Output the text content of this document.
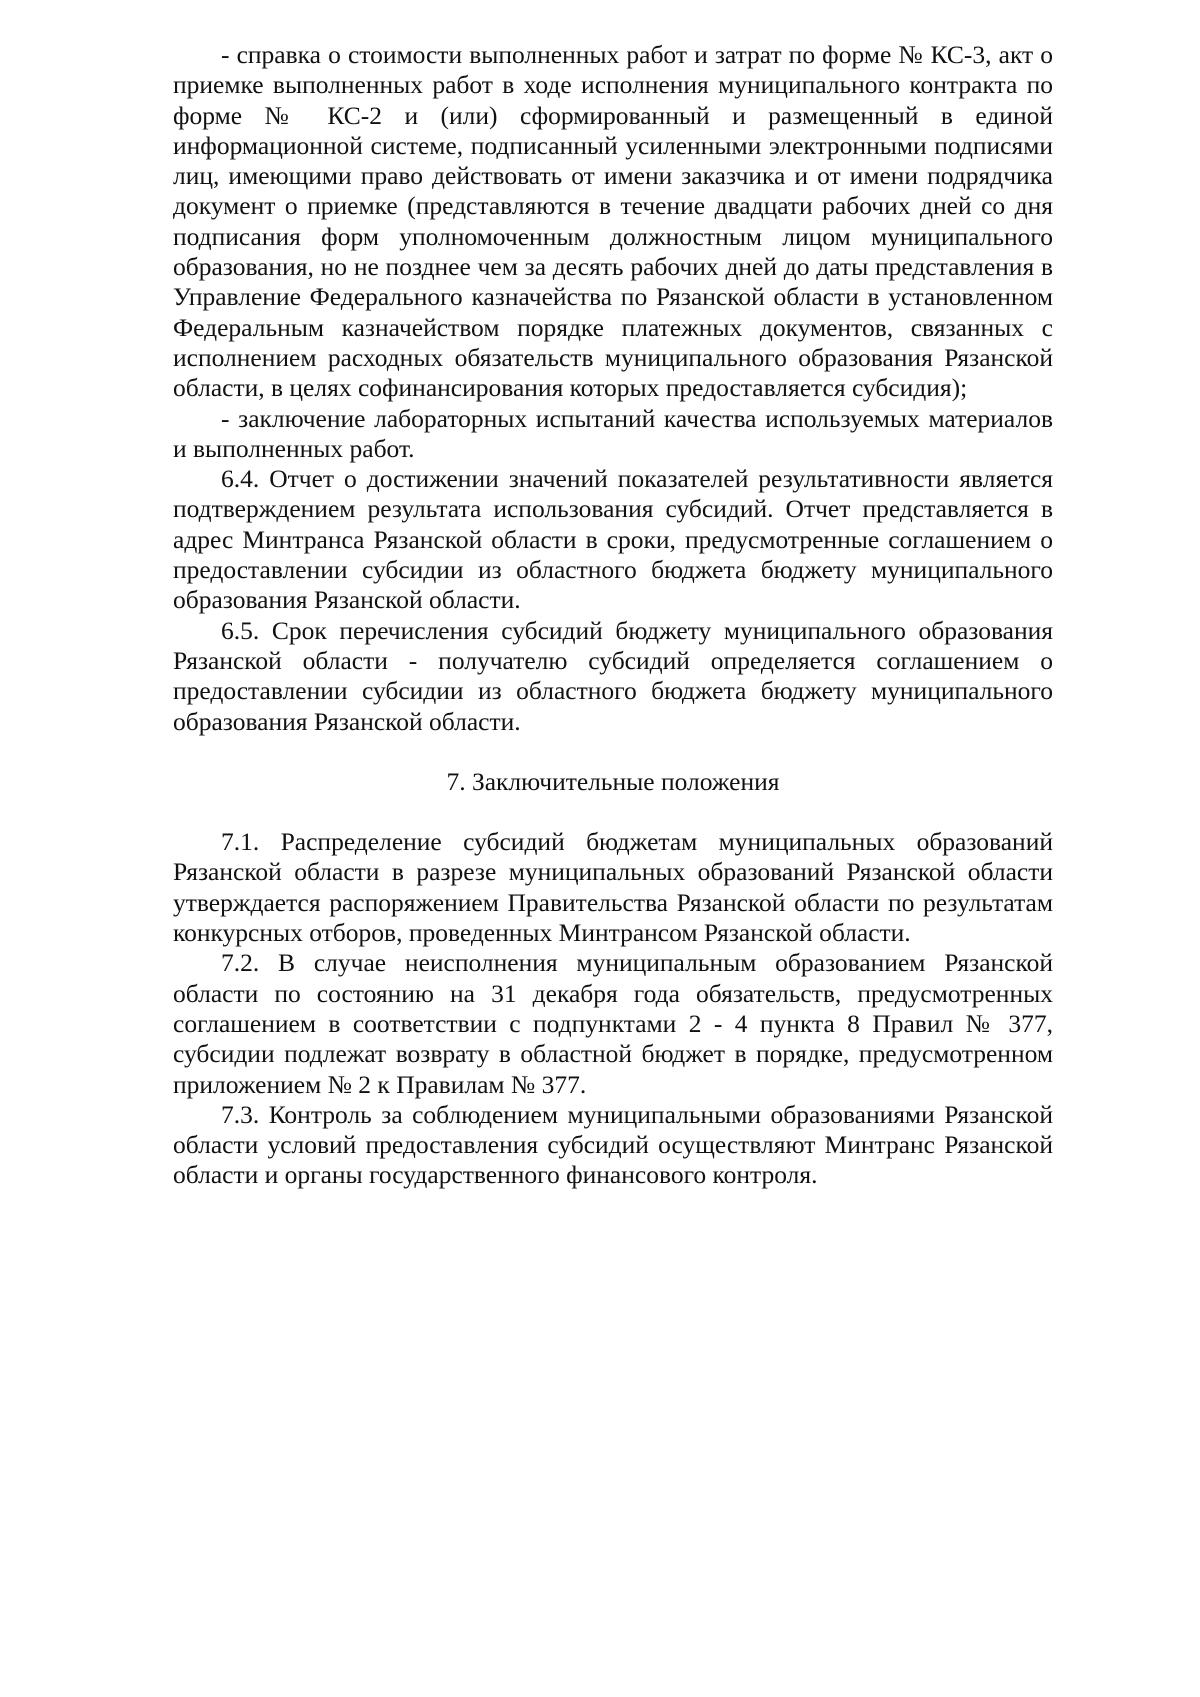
- справка о стоимости выполненных работ и затрат по форме № КС-3, акт о приемке выполненных работ в ходе исполнения муниципального контракта по форме № КС-2 и (или) сформированный и размещенный в единой информационной системе, подписанный усиленными электронными подписями лиц, имеющими право действовать от имени заказчика и от имени подрядчика документ о приемке (представляются в течение двадцати рабочих дней со дня подписания форм уполномоченным должностным лицом муниципального образования, но не позднее чем за десять рабочих дней до даты представления в Управление Федерального казначейства по Рязанской области в установленном Федеральным казначейством порядке платежных документов, связанных с исполнением расходных обязательств муниципального образования Рязанской области, в целях софинансирования которых предоставляется субсидия);

- заключение лабораторных испытаний качества используемых материалов и выполненных работ.

6.4. Отчет о достижении значений показателей результативности является подтверждением результата использования субсидий. Отчет представляется в адрес Минтранса Рязанской области в сроки, предусмотренные соглашением о предоставлении субсидии из областного бюджета бюджету муниципального образования Рязанской области.

6.5. Срок перечисления субсидий бюджету муниципального образования Рязанской области - получателю субсидий определяется соглашением о предоставлении субсидии из областного бюджета бюджету муниципального образования Рязанской области.

7. Заключительные положения

7.1. Распределение субсидий бюджетам муниципальных образований Рязанской области в разрезе муниципальных образований Рязанской области утверждается распоряжением Правительства Рязанской области по результатам конкурсных отборов, проведенных Минтрансом Рязанской области.

7.2. В случае неисполнения муниципальным образованием Рязанской области по состоянию на 31 декабря года обязательств, предусмотренных соглашением в соответствии с подпунктами 2 - 4 пункта 8 Правил № 377, субсидии подлежат возврату в областной бюджет в порядке, предусмотренном приложением № 2 к Правилам № 377.

7.3. Контроль за соблюдением муниципальными образованиями Рязанской области условий предоставления субсидий осуществляют Минтранс Рязанской области и органы государственного финансового контроля.
